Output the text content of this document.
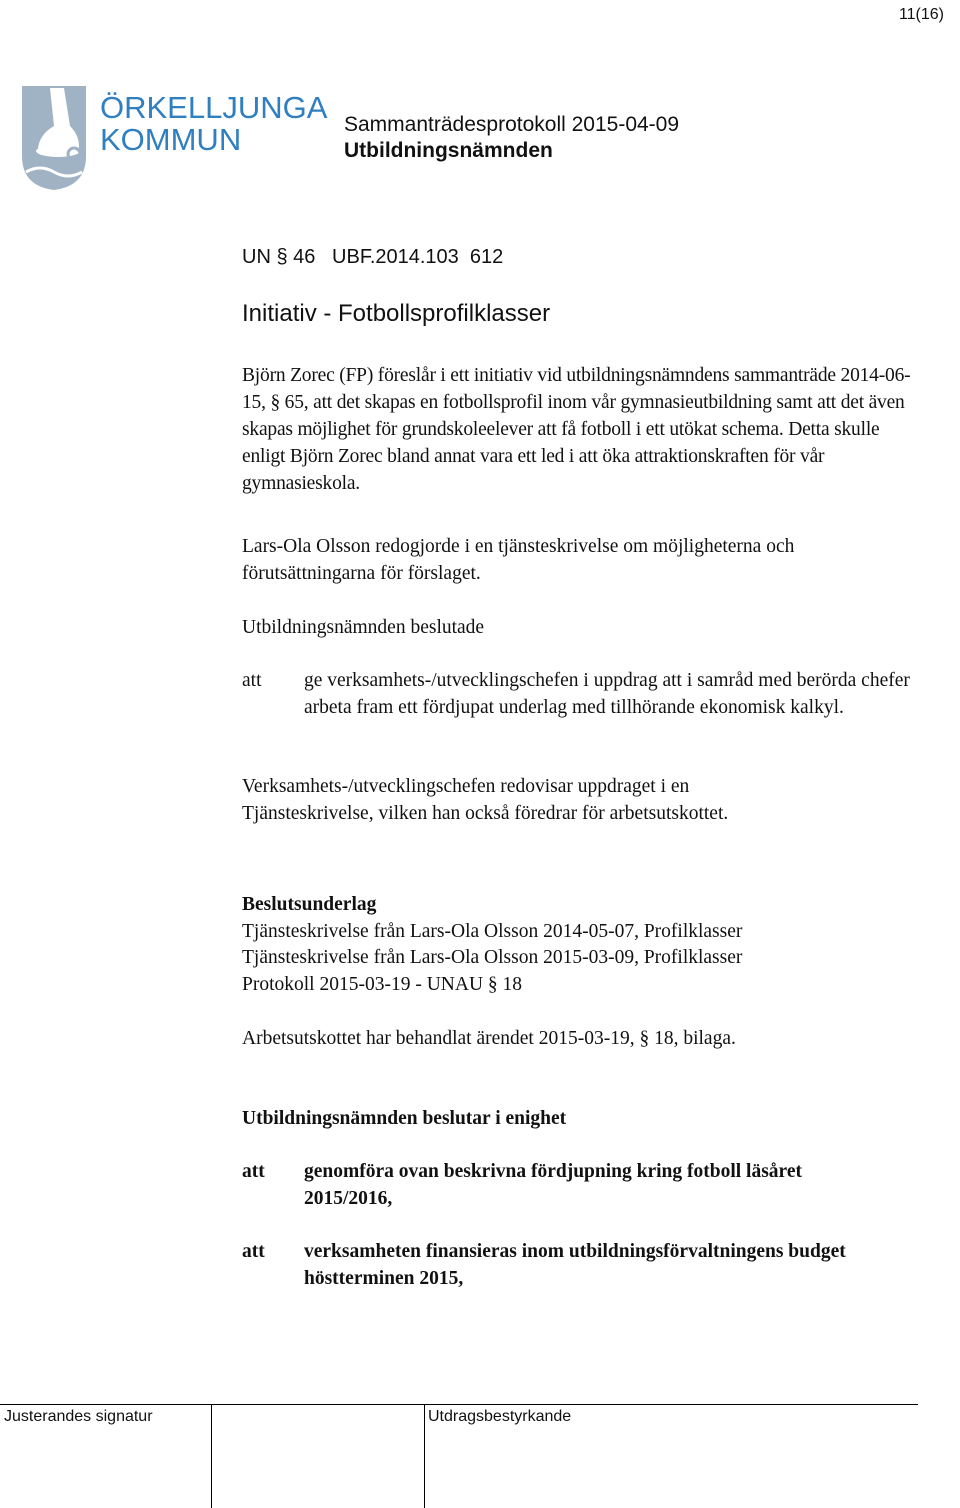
11(16)
ÖRKELLJUNGA
KOMMUN	Sammanträdesprotokoll 2015-04-09
Utbildningsnämnden
UN § 46   UBF.2014.103  612
Initiativ - Fotbollsprofilklasser

Björn Zorec (FP) föreslår i ett initiativ vid utbildningsnämndens sammanträde 2014-06-15, § 65, att det skapas en fotbollsprofil inom vår gymnasieutbildning samt att det även skapas möjlighet för grundskoleelever att få fotboll i ett utökat schema. Detta skulle enligt Björn Zorec bland annat vara ett led i att öka attraktionskraften för vår gymnasieskola.

Lars-Ola Olsson redogjorde i en tjänsteskrivelse om möjligheterna och förutsättningarna för förslaget.

Utbildningsnämnden beslutade

att ge verksamhets-/utvecklingschefen i uppdrag att i samråd med berörda chefer arbeta fram ett fördjupat underlag med tillhörande ekonomisk kalkyl.

Verksamhets-/utvecklingschefen redovisar uppdraget i en Tjänsteskrivelse, vilken han också föredrar för arbetsutskottet.

Beslutsunderlag

Tjänsteskrivelse från Lars-Ola Olsson 2014-05-07, Profilklasser

Tjänsteskrivelse från Lars-Ola Olsson 2015-03-09, Profilklasser

Protokoll 2015-03-19 - UNAU § 18

Arbetsutskottet har behandlat ärendet 2015-03-19, § 18, bilaga.

Utbildningsnämnden beslutar i enighet

att genomföra ovan beskrivna fördjupning kring fotboll läsåret 2015/2016,
att verksamheten finansieras inom utbildningsförvaltningens budget höstterminen 2015,
Justerandes signatur	Utdragsbestyrkande
